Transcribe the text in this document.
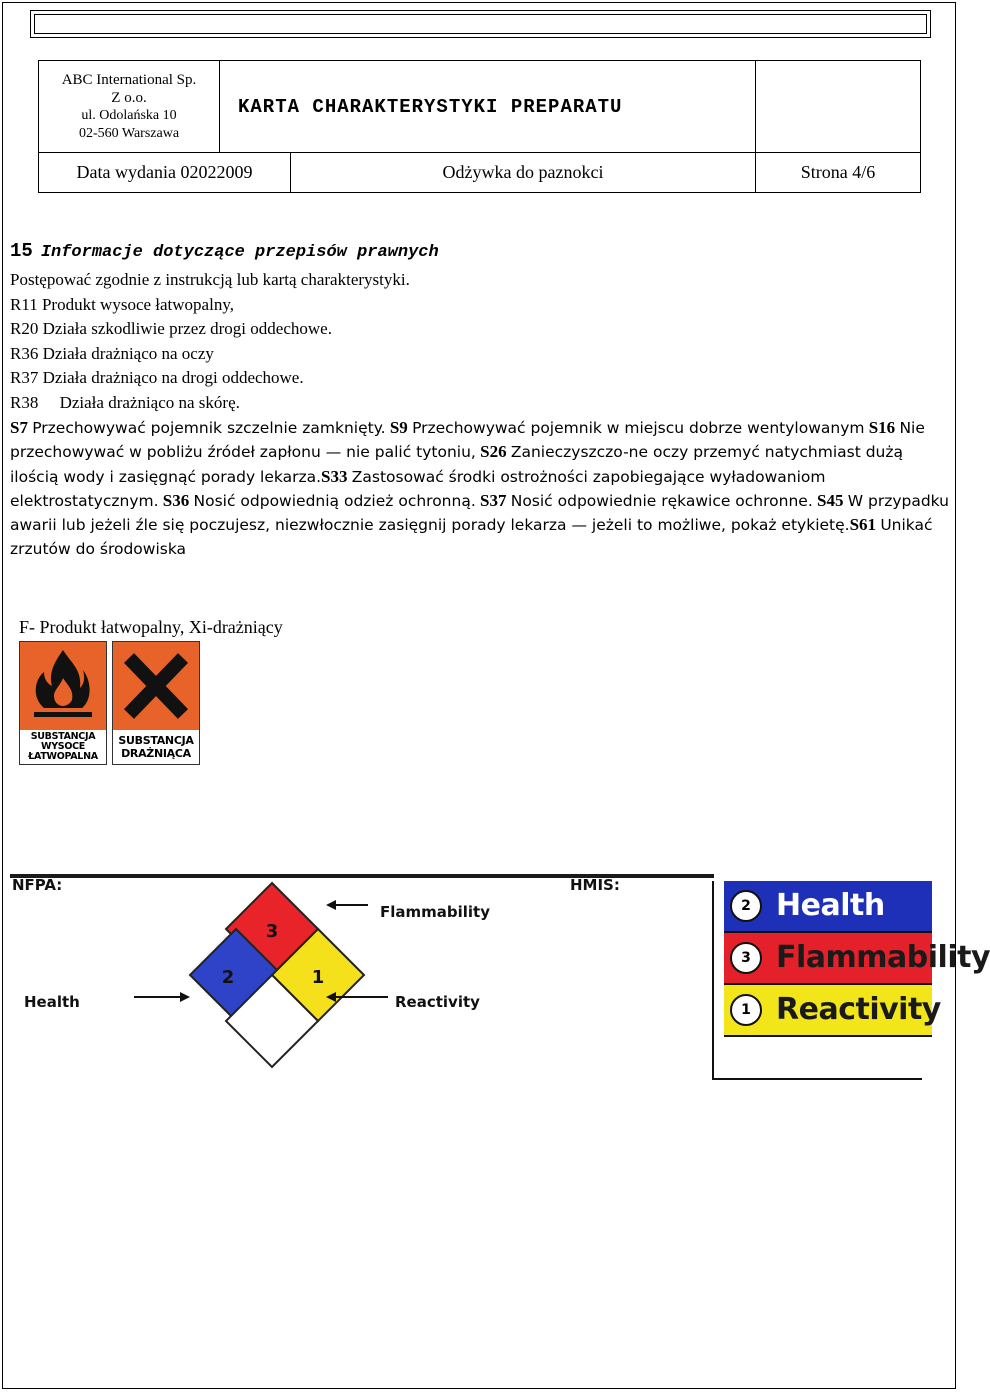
ABC International Sp.
Z o.o.
ul. Odolańska 10
02-560 Warszawa	KARTA CHARAKTERYSTYKI PREPARATU		
Data wydania 02022009		Odżywka do paznokci	Strona 4/6
15 Informacje dotyczące przepisów prawnych
Postępować zgodnie z instrukcją lub kartą charakterystyki.
R11 Produkt wysoce łatwopalny,
R20 Działa szkodliwie przez drogi oddechowe.
R36 Działa drażniąco na oczy
R37 Działa drażniąco na drogi oddechowe.
R38     Działa drażniąco na skórę.
S7 Przechowywać pojemnik szczelnie zamknięty. S9 Przechowywać pojemnik w miejscu dobrze wentylowanym S16 Nie przechowywać w pobliżu źródeł zapłonu — nie palić tytoniu, S26 Zanieczyszczo-ne oczy przemyć natychmiast dużą ilością wody i zasięgnąć porady lekarza.S33 Zastosować środki ostrożności zapobiegające wyładowaniom elektrostatycznym. S36 Nosić odpowiednią odzież ochronną. S37 Nosić odpowiednie rękawice ochronne. S45 W przypadku awarii lub jeżeli źle się poczujesz, niezwłocznie zasięgnij porady lekarza — jeżeli to możliwe, pokaż etykietę.S61 Unikać zrzutów do środowiska
F- Produkt łatwopalny, Xi-drażniący
SUBSTANCJA
WYSOCE
ŁATWOPALNA
SUBSTANCJA
DRAŻNIĄCA
NFPA:	HMIS:
3
2	1
Flammability
Health	Reactivity
2 Health
3 Flammability
1 Reactivity
